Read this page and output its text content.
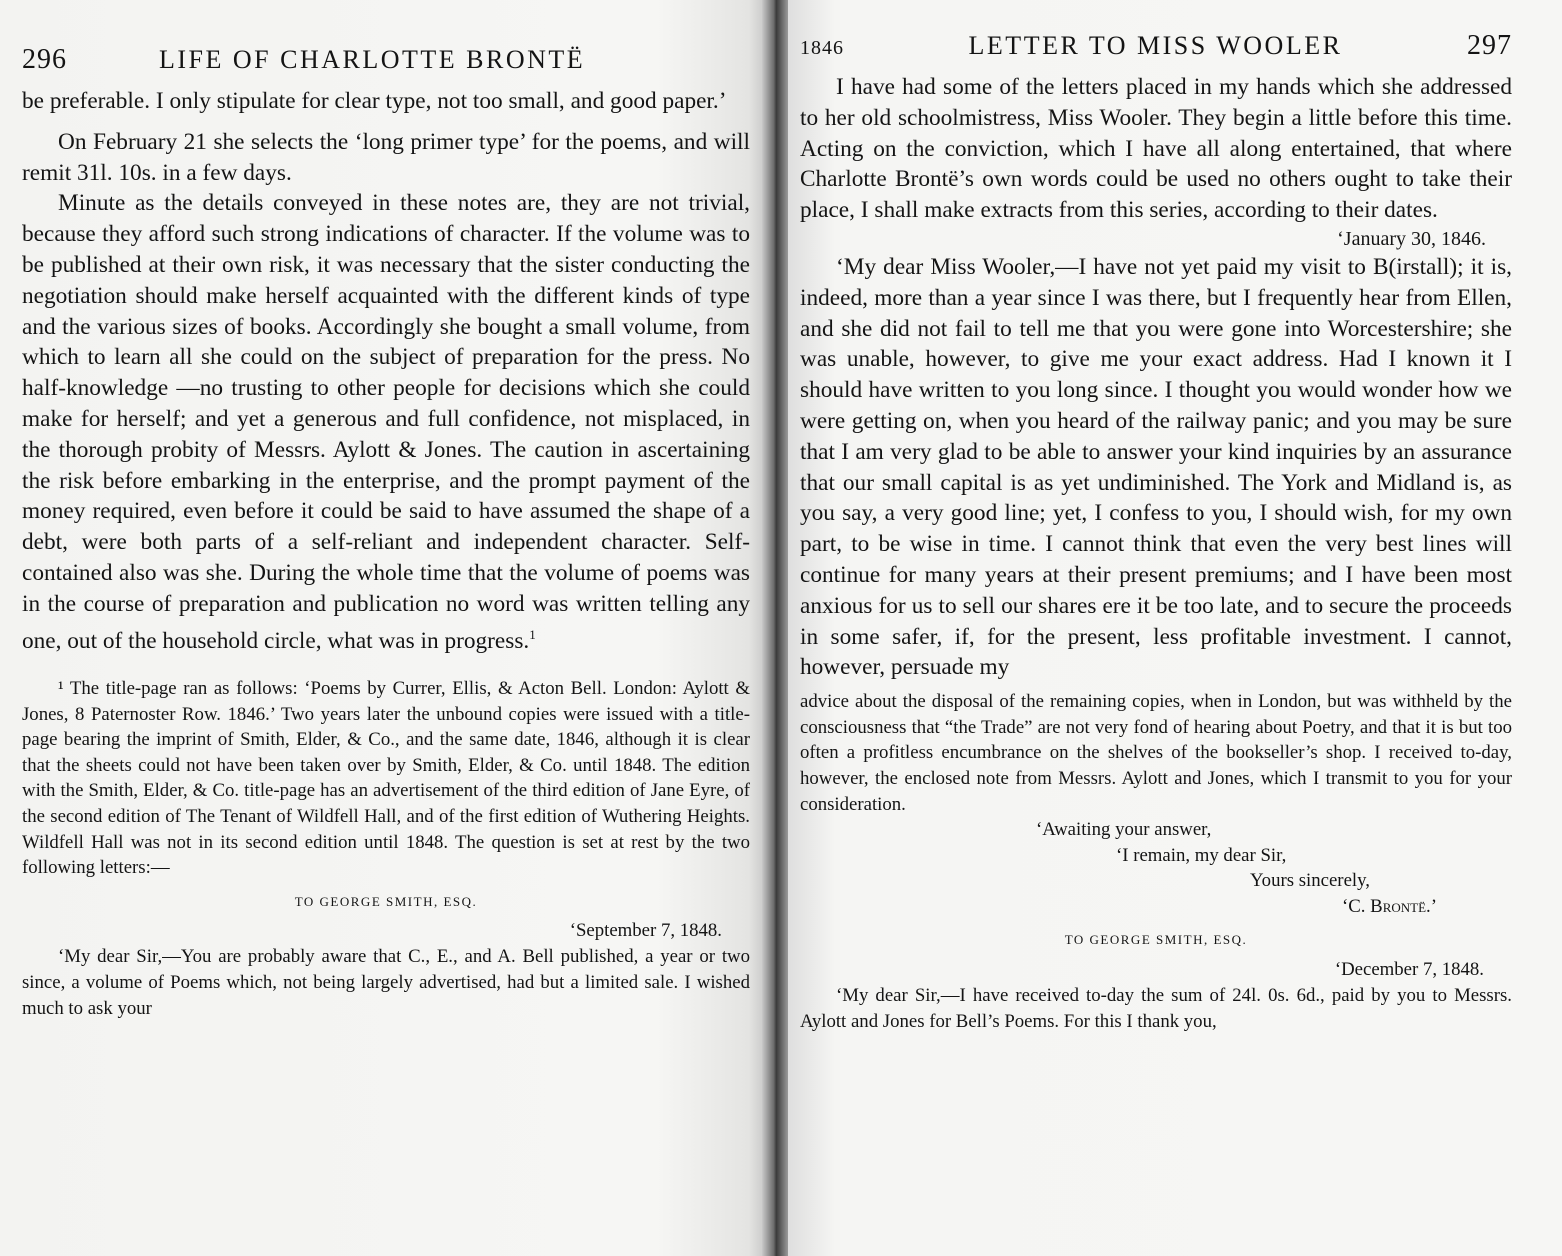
296	LIFE OF CHARLOTTE BRONTË

be preferable. I only stipulate for clear type, not too small, and good paper.’

On February 21 she selects the ‘long primer type’ for the poems, and will remit 31l. 10s. in a few days.

Minute as the details conveyed in these notes are, they are not trivial, because they afford such strong indications of character. If the volume was to be published at their own risk, it was necessary that the sister conducting the negotiation should make herself acquainted with the different kinds of type and the various sizes of books. Accordingly she bought a small volume, from which to learn all she could on the subject of preparation for the press. No half-knowledge —no trusting to other people for decisions which she could make for herself; and yet a generous and full confidence, not misplaced, in the thorough probity of Messrs. Aylott & Jones. The caution in ascertaining the risk before embarking in the enterprise, and the prompt payment of the money required, even before it could be said to have assumed the shape of a debt, were both parts of a self-reliant and independent character. Self-contained also was she. During the whole time that the volume of poems was in the course of preparation and publication no word was written telling any one, out of the household circle, what was in progress.$^1$

¹ The title-page ran as follows: ‘Poems by Currer, Ellis, & Acton Bell. London: Aylott & Jones, 8 Paternoster Row. 1846.’ Two years later the unbound copies were issued with a title-page bearing the imprint of Smith, Elder, & Co., and the same date, 1846, although it is clear that the sheets could not have been taken over by Smith, Elder, & Co. until 1848. The edition with the Smith, Elder, & Co. title-page has an advertisement of the third edition of Jane Eyre, of the second edition of The Tenant of Wildfell Hall, and of the first edition of Wuthering Heights. Wildfell Hall was not in its second edition until 1848. The question is set at rest by the two following letters:—

TO GEORGE SMITH, ESQ.
‘September 7, 1848.

‘My dear Sir,—You are probably aware that C., E., and A. Bell published, a year or two since, a volume of Poems which, not being largely advertised, had but a limited sale. I wished much to ask your

1846	LETTER TO MISS WOOLER	297

I have had some of the letters placed in my hands which she addressed to her old schoolmistress, Miss Wooler. They begin a little before this time. Acting on the conviction, which I have all along entertained, that where Charlotte Brontë’s own words could be used no others ought to take their place, I shall make extracts from this series, according to their dates.

‘January 30, 1846.

‘My dear Miss Wooler,—I have not yet paid my visit to B(irstall); it is, indeed, more than a year since I was there, but I frequently hear from Ellen, and she did not fail to tell me that you were gone into Worcestershire; she was unable, however, to give me your exact address. Had I known it I should have written to you long since. I thought you would wonder how we were getting on, when you heard of the railway panic; and you may be sure that I am very glad to be able to answer your kind inquiries by an assurance that our small capital is as yet undiminished. The York and Midland is, as you say, a very good line; yet, I confess to you, I should wish, for my own part, to be wise in time. I cannot think that even the very best lines will continue for many years at their present premiums; and I have been most anxious for us to sell our shares ere it be too late, and to secure the proceeds in some safer, if, for the present, less profitable investment. I cannot, however, persuade my

advice about the disposal of the remaining copies, when in London, but was withheld by the consciousness that “the Trade” are not very fond of hearing about Poetry, and that it is but too often a profitless encumbrance on the shelves of the bookseller’s shop. I received to-day, however, the enclosed note from Messrs. Aylott and Jones, which I transmit to you for your consideration.

‘Awaiting your answer,
‘I remain, my dear Sir,
Yours sincerely,
‘C. Brontë.’
TO GEORGE SMITH, ESQ.
‘December 7, 1848.

‘My dear Sir,—I have received to-day the sum of 24l. 0s. 6d., paid by you to Messrs. Aylott and Jones for Bell’s Poems. For this I thank you,
